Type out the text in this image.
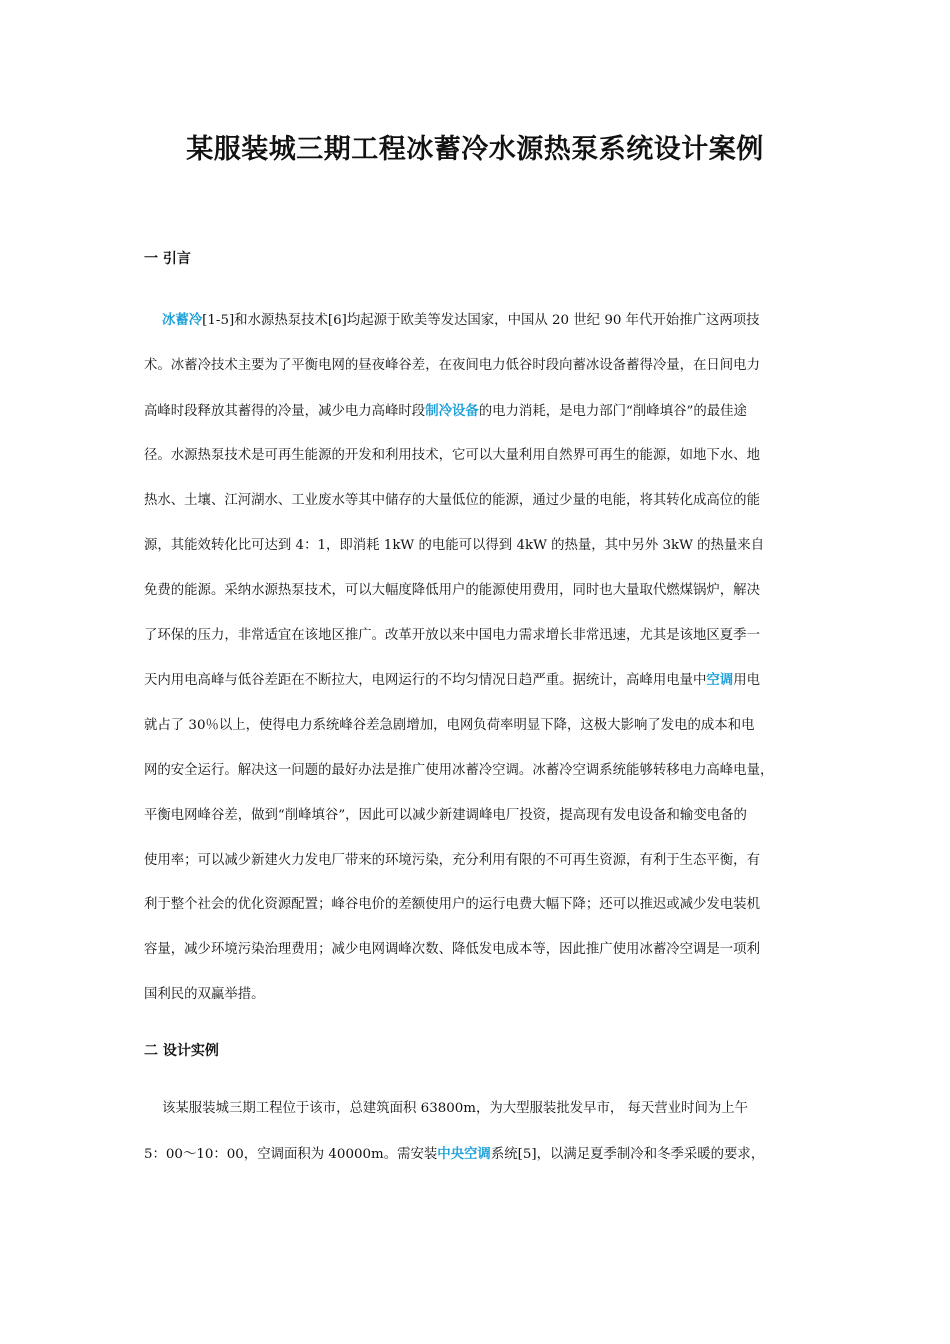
某服装城三期工程冰蓄冷水源热泵系统设计案例
一 引言
冰蓄冷[1-5]和水源热泵技术[6]均起源于欧美等发达国家，中国从 20 世纪 90 年代开始推广这两项技
术。冰蓄冷技术主要为了平衡电网的昼夜峰谷差，在夜间电力低谷时段向蓄冰设备蓄得冷量，在日间电力
高峰时段释放其蓄得的冷量，减少电力高峰时段制冷设备的电力消耗，是电力部门“削峰填谷”的最佳途
径。水源热泵技术是可再生能源的开发和利用技术，它可以大量利用自然界可再生的能源，如地下水、地
热水、土壤、江河湖水、工业废水等其中储存的大量低位的能源，通过少量的电能，将其转化成高位的能
源，其能效转化比可达到 4：1，即消耗 1kW 的电能可以得到 4kW 的热量，其中另外 3kW 的热量来自
免费的能源。采纳水源热泵技术，可以大幅度降低用户的能源使用费用，同时也大量取代燃煤锅炉，解决
了环保的压力，非常适宜在该地区推广。改革开放以来中国电力需求增长非常迅速，尤其是该地区夏季一
天内用电高峰与低谷差距在不断拉大，电网运行的不均匀情况日趋严重。据统计，高峰用电量中空调用电
就占了 30％以上，使得电力系统峰谷差急剧增加，电网负荷率明显下降，这极大影响了发电的成本和电
网的安全运行。解决这一问题的最好办法是推广使用冰蓄冷空调。冰蓄冷空调系统能够转移电力高峰电量，
平衡电网峰谷差，做到“削峰填谷”，因此可以减少新建调峰电厂投资，提高现有发电设备和输变电备的
使用率；可以减少新建火力发电厂带来的环境污染，充分利用有限的不可再生资源，有利于生态平衡，有
利于整个社会的优化资源配置；峰谷电价的差额使用户的运行电费大幅下降；还可以推迟或减少发电装机
容量，减少环境污染治理费用；减少电网调峰次数、降低发电成本等，因此推广使用冰蓄冷空调是一项利
国利民的双赢举措。
二 设计实例
该某服装城三期工程位于该市，总建筑面积 63800m，为大型服装批发早市， 每天营业时间为上午
5：00～10：00，空调面积为 40000m。需安装中央空调系统[5]，以满足夏季制冷和冬季采暖的要求，
